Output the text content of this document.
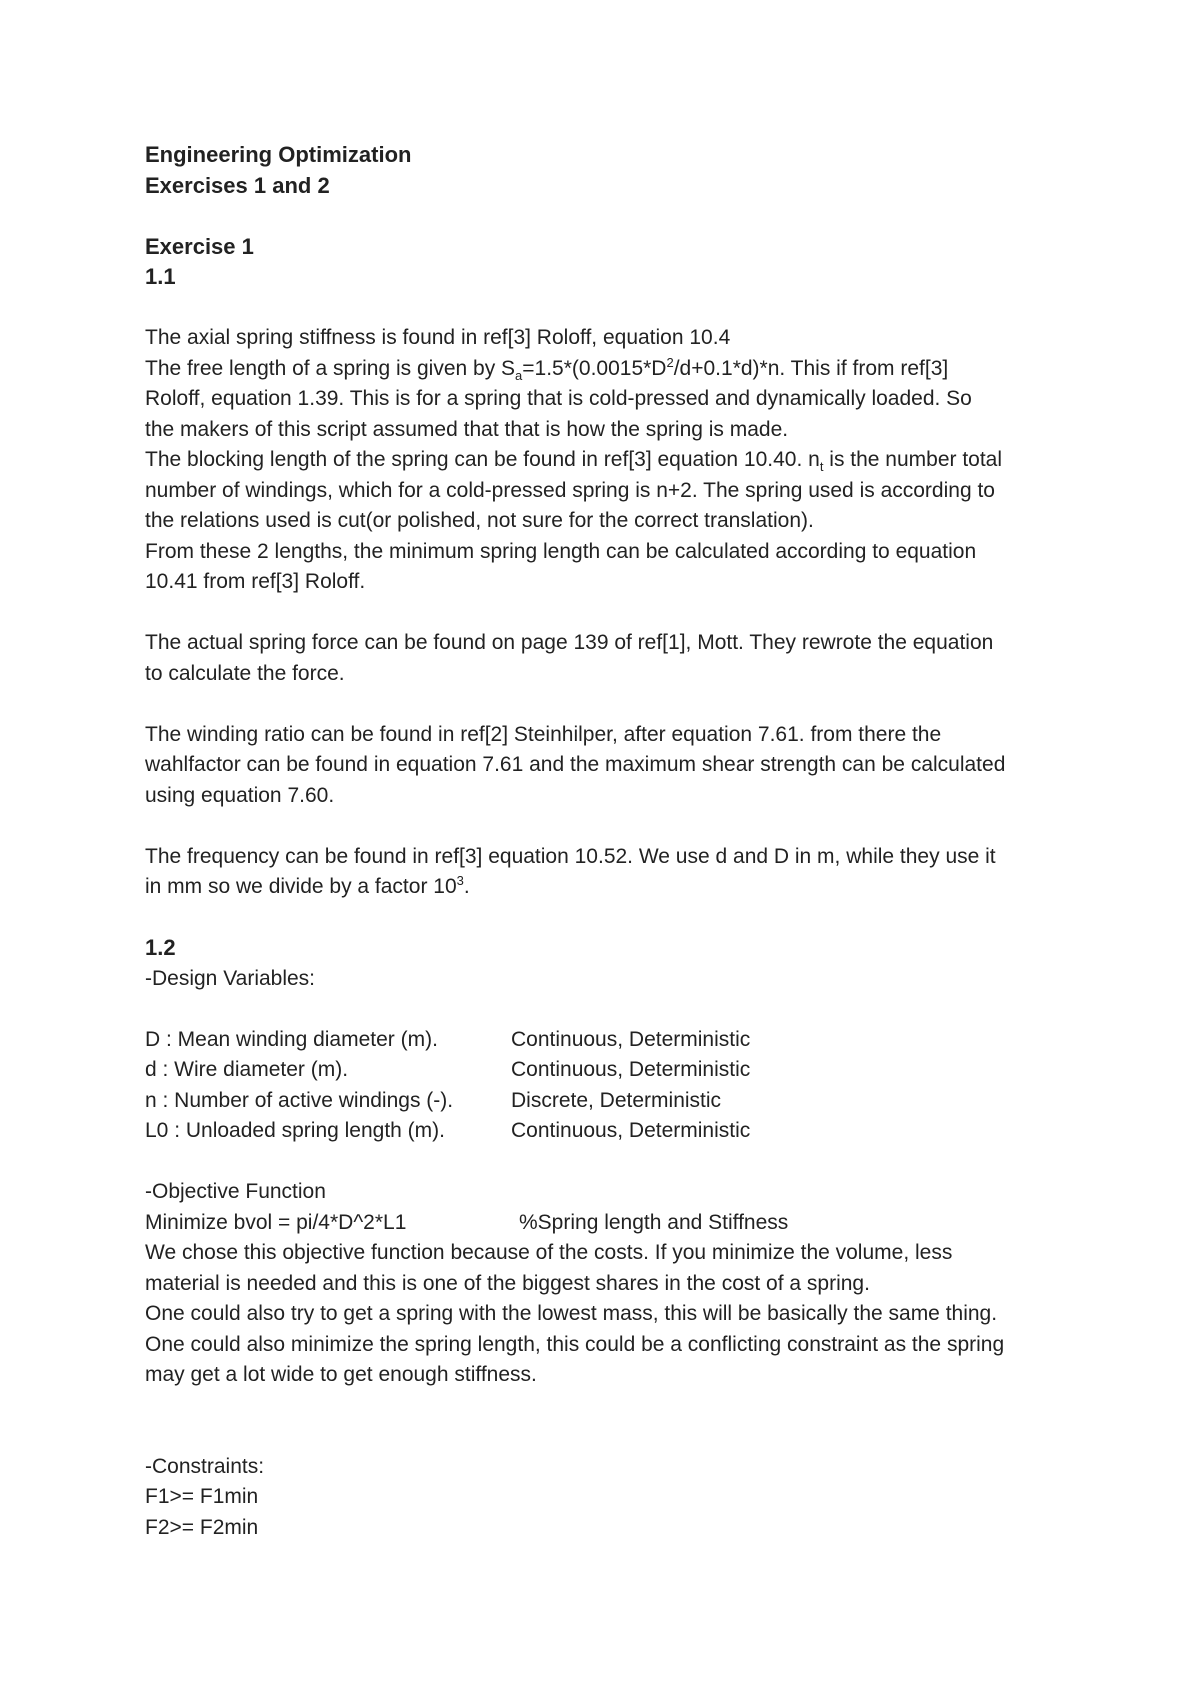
Engineering Optimization

Exercises 1 and 2

Exercise 1

1.1

The axial spring stiffness is found in ref[3] Roloff, equation 10.4

The free length of a spring is given by $S_a=1.5*(0.0015*D^2/d+0.1*d)*n$. This if from ref[3]

Roloff, equation 1.39. This is for a spring that is cold-pressed and dynamically loaded. So

the makers of this script assumed that that is how the spring is made.

The blocking length of the spring can be found in ref[3] equation 10.40. $n_t$ is the number total

number of windings, which for a cold-pressed spring is n+2. The spring used is according to

the relations used is cut(or polished, not sure for the correct translation).

From these 2 lengths, the minimum spring length can be calculated according to equation

10.41 from ref[3] Roloff.

The actual spring force can be found on page 139 of ref[1], Mott. They rewrote the equation

to calculate the force.

The winding ratio can be found in ref[2] Steinhilper, after equation 7.61. from there the

wahlfactor can be found in equation 7.61 and the maximum shear strength can be calculated

using equation 7.60.

The frequency can be found in ref[3] equation 10.52. We use d and D in m, while they use it

in mm so we divide by a factor $10^3$.

1.2

-Design Variables:

D : Mean winding diameter (m).	Continuous, Deterministic
d : Wire diameter (m).	Continuous, Deterministic
n : Number of active windings (-).	Discrete, Deterministic
L0 : Unloaded spring length (m).	Continuous, Deterministic

-Objective Function

Minimize bvol = pi/4*D^2*L1	%Spring length and Stiffness

We chose this objective function because of the costs. If you minimize the volume, less

material is needed and this is one of the biggest shares in the cost of a spring.

One could also try to get a spring with the lowest mass, this will be basically the same thing.

One could also minimize the spring length, this could be a conflicting constraint as the spring

may get a lot wide to get enough stiffness.

-Constraints:

F1>= F1min

F2>= F2min
